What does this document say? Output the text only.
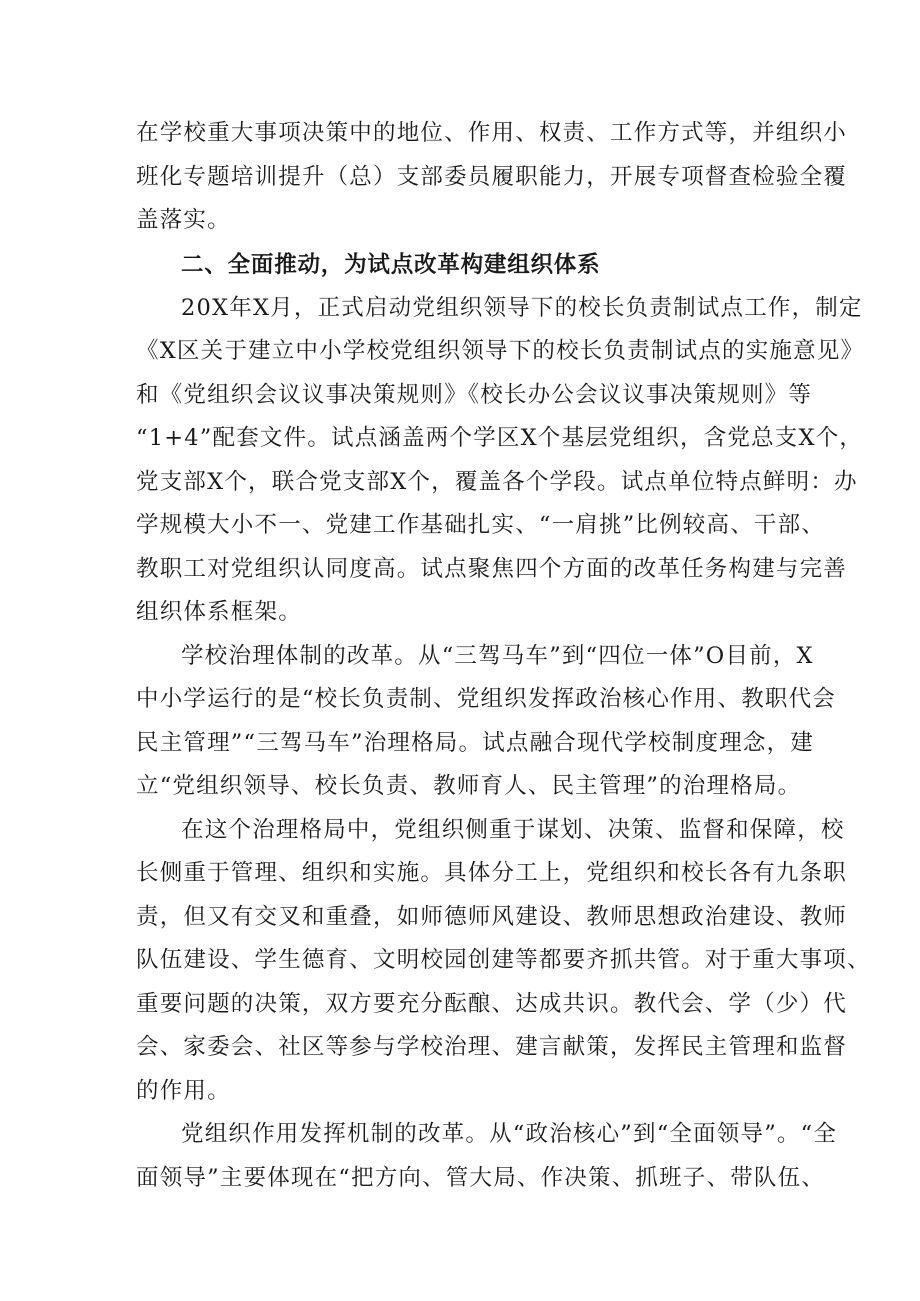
在学校重大事项决策中的地位、作用、权责、工作方式等，并组织小
班化专题培训提升（总）支部委员履职能力，开展专项督查检验全覆
盖落实。
二、全面推动，为试点改革构建组织体系
20X年X月，正式启动党组织领导下的校长负责制试点工作，制定
《X区关于建立中小学校党组织领导下的校长负责制试点的实施意见》
和《党组织会议议事决策规则》《校长办公会议议事决策规则》等
“1+4”配套文件。试点涵盖两个学区X个基层党组织，含党总支X个，
党支部X个，联合党支部X个，覆盖各个学段。试点单位特点鲜明：办
学规模大小不一、党建工作基础扎实、“一肩挑”比例较高、干部、
教职工对党组织认同度高。试点聚焦四个方面的改革任务构建与完善
组织体系框架。
学校治理体制的改革。从“三驾马车”到“四位一体”O目前，X
中小学运行的是“校长负责制、党组织发挥政治核心作用、教职代会
民主管理”“三驾马车”治理格局。试点融合现代学校制度理念，建
立“党组织领导、校长负责、教师育人、民主管理”的治理格局。
在这个治理格局中，党组织侧重于谋划、决策、监督和保障，校
长侧重于管理、组织和实施。具体分工上，党组织和校长各有九条职
责，但又有交叉和重叠，如师德师风建设、教师思想政治建设、教师
队伍建设、学生德育、文明校园创建等都要齐抓共管。对于重大事项、
重要问题的决策，双方要充分酝酿、达成共识。教代会、学（少）代
会、家委会、社区等参与学校治理、建言献策，发挥民主管理和监督
的作用。
党组织作用发挥机制的改革。从“政治核心”到“全面领导”。“全
面领导”主要体现在“把方向、管大局、作决策、抓班子、带队伍、
